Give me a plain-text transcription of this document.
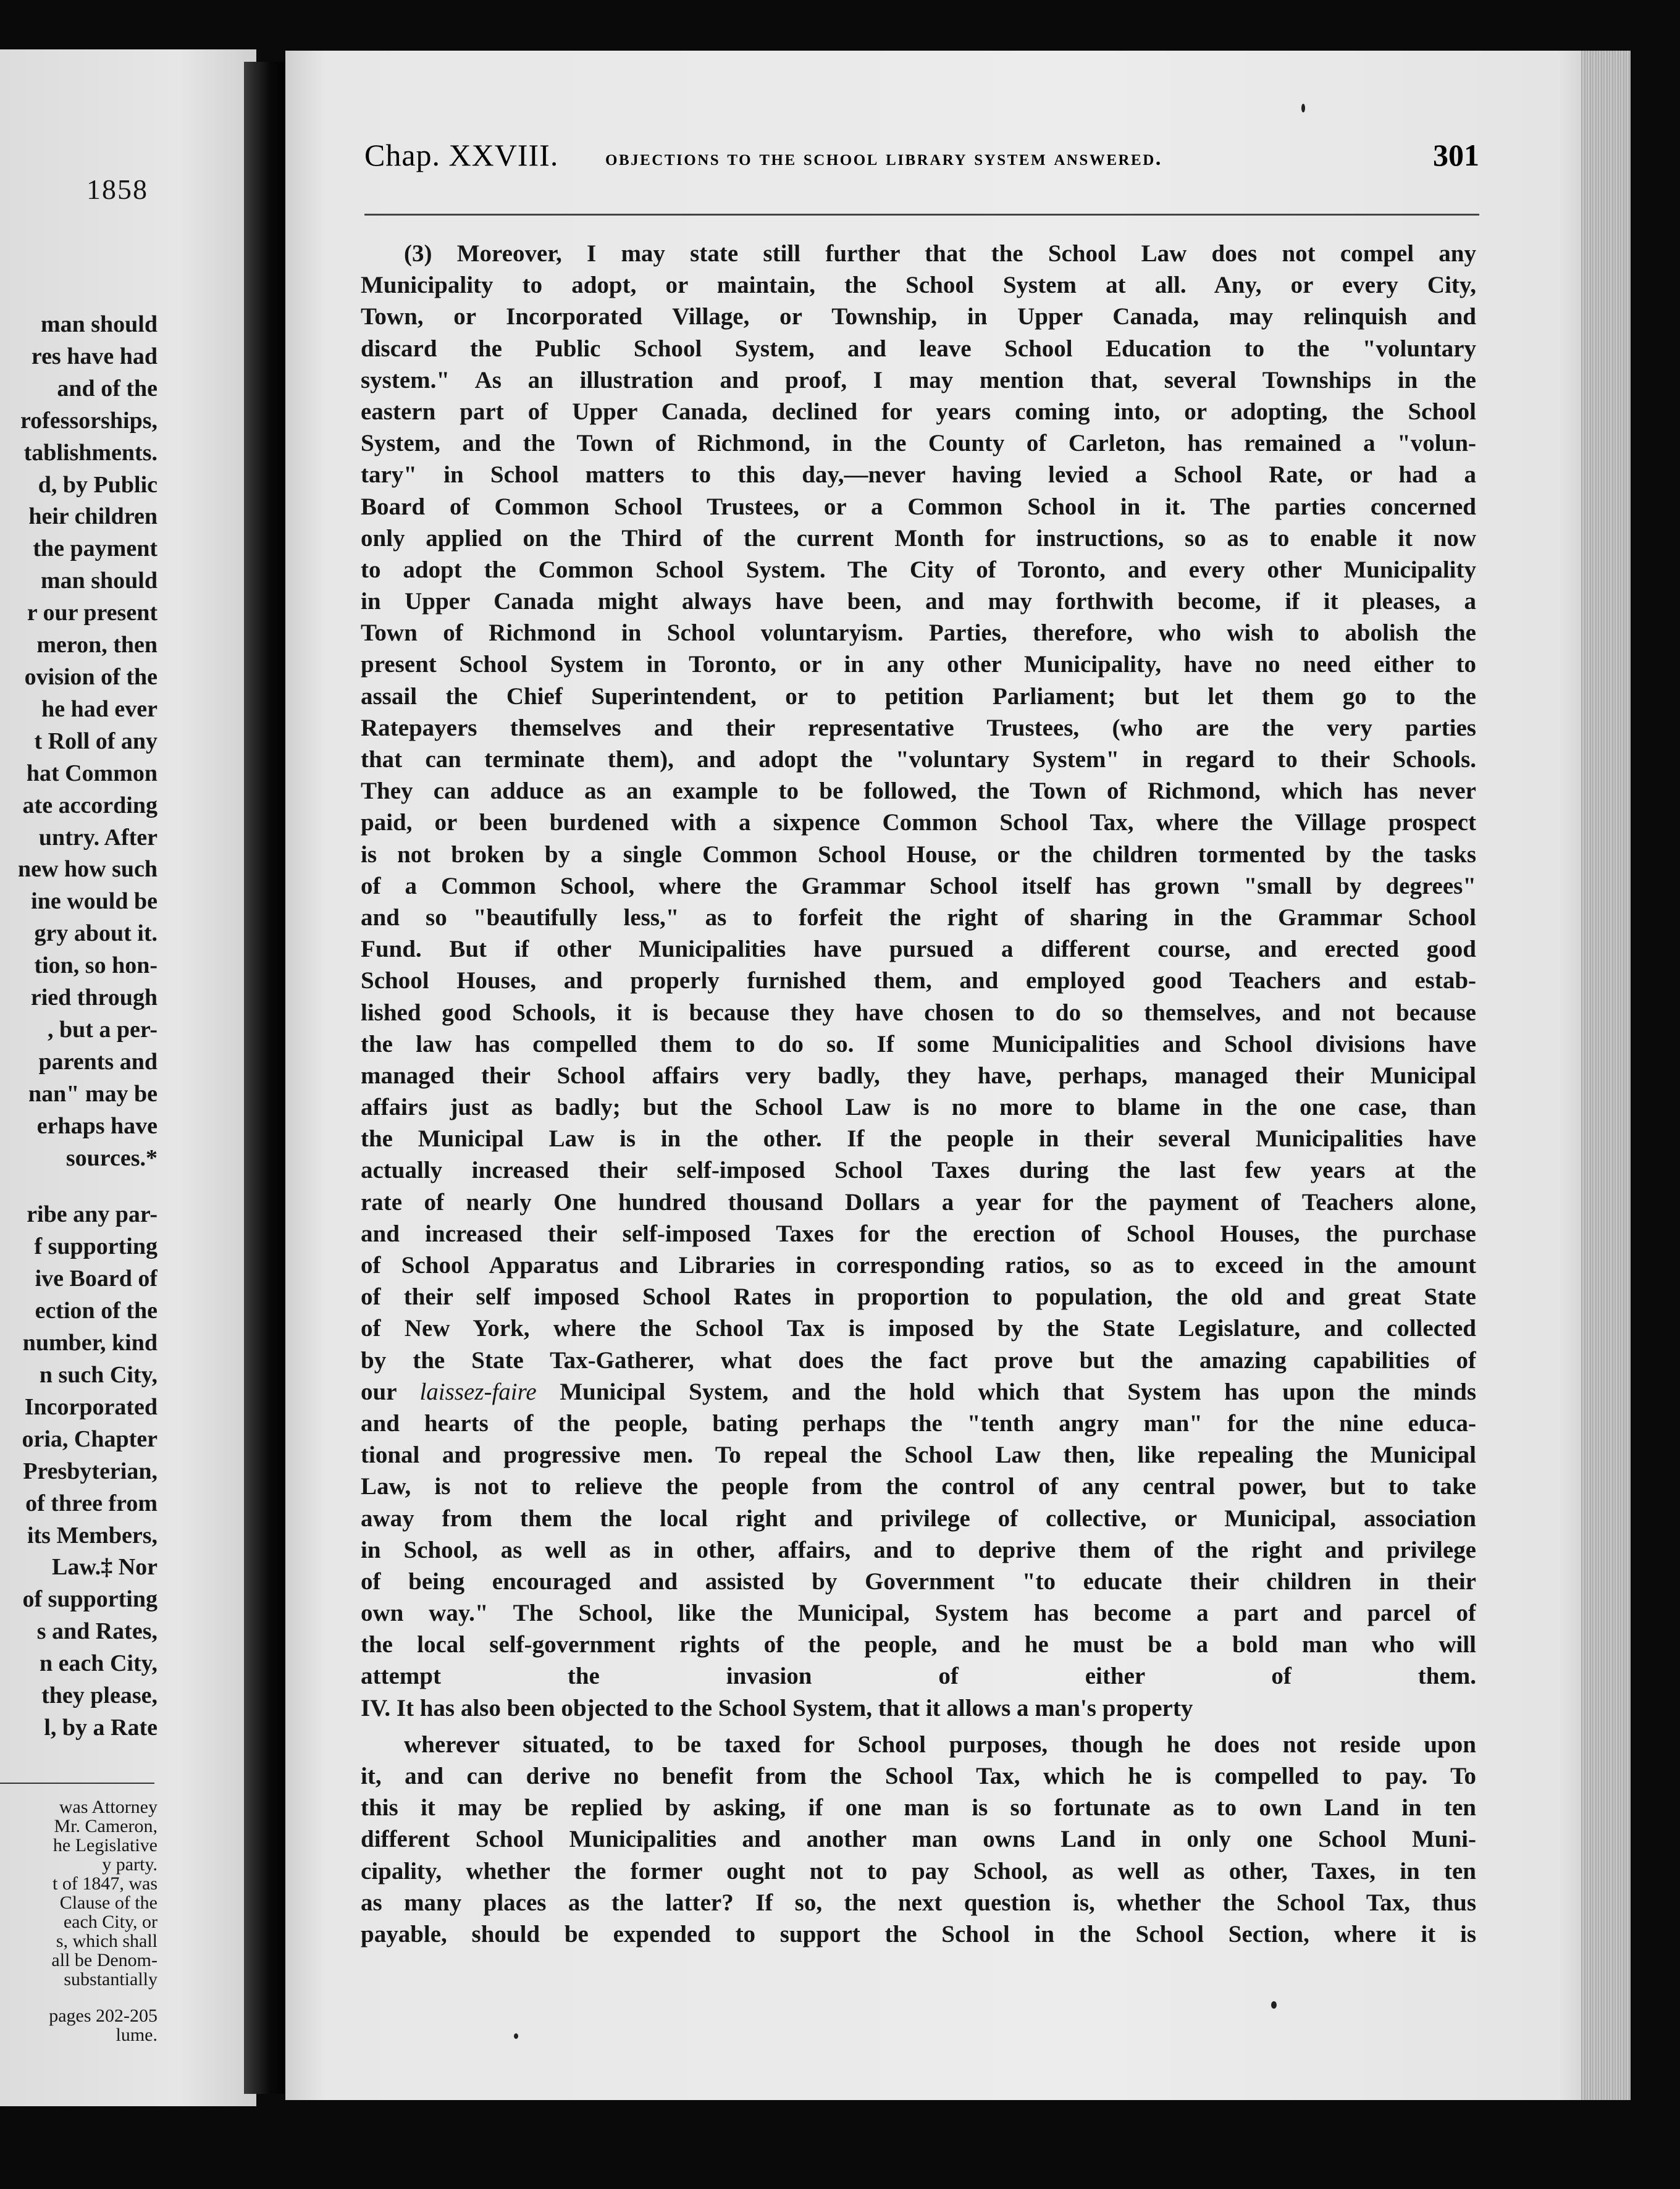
1858
man should
res have had
and of the
rofessorships,
tablishments.
d, by Public
heir children
the payment
man should
r our present
meron, then
ovision of the
he had ever
t Roll of any
hat Common
ate according
untry. After
new how such
ine would be
gry about it.
tion, so hon-
ried through
, but a per-
parents and
nan" may be
erhaps have
sources.*
ribe any par-
f supporting
ive Board of
ection of the
number, kind
n such City,
Incorporated
oria, Chapter
Presbyterian,
of three from
its Members,
Law.‡ Nor
of supporting
s and Rates,
n each City,
they please,
l, by a Rate
was Attorney
Mr. Cameron,
he Legislative
y party.
t of 1847, was
Clause of the
each City, or
s, which shall
all be Denom-
substantially
pages 202-205
lume.
Chap. XXVIII. objections to the school library system answered.	301
(3) Moreover, I may state still further that the School Law does not compel any
Municipality to adopt, or maintain, the School System at all. Any, or every City,
Town, or Incorporated Village, or Township, in Upper Canada, may relinquish and
discard the Public School System, and leave School Education to the "voluntary
system." As an illustration and proof, I may mention that, several Townships in the
eastern part of Upper Canada, declined for years coming into, or adopting, the School
System, and the Town of Richmond, in the County of Carleton, has remained a "volun-
tary" in School matters to this day,—never having levied a School Rate, or had a
Board of Common School Trustees, or a Common School in it. The parties concerned
only applied on the Third of the current Month for instructions, so as to enable it now
to adopt the Common School System. The City of Toronto, and every other Municipality
in Upper Canada might always have been, and may forthwith become, if it pleases, a
Town of Richmond in School voluntaryism. Parties, therefore, who wish to abolish the
present School System in Toronto, or in any other Municipality, have no need either to
assail the Chief Superintendent, or to petition Parliament; but let them go to the
Ratepayers themselves and their representative Trustees, (who are the very parties
that can terminate them), and adopt the "voluntary System" in regard to their Schools.
They can adduce as an example to be followed, the Town of Richmond, which has never
paid, or been burdened with a sixpence Common School Tax, where the Village prospect
is not broken by a single Common School House, or the children tormented by the tasks
of a Common School, where the Grammar School itself has grown "small by degrees"
and so "beautifully less," as to forfeit the right of sharing in the Grammar School
Fund. But if other Municipalities have pursued a different course, and erected good
School Houses, and properly furnished them, and employed good Teachers and estab-
lished good Schools, it is because they have chosen to do so themselves, and not because
the law has compelled them to do so. If some Municipalities and School divisions have
managed their School affairs very badly, they have, perhaps, managed their Municipal
affairs just as badly; but the School Law is no more to blame in the one case, than
the Municipal Law is in the other. If the people in their several Municipalities have
actually increased their self-imposed School Taxes during the last few years at the
rate of nearly One hundred thousand Dollars a year for the payment of Teachers alone,
and increased their self-imposed Taxes for the erection of School Houses, the purchase
of School Apparatus and Libraries in corresponding ratios, so as to exceed in the amount
of their self imposed School Rates in proportion to population, the old and great State
of New York, where the School Tax is imposed by the State Legislature, and collected
by the State Tax-Gatherer, what does the fact prove but the amazing capabilities of
our laissez-faire Municipal System, and the hold which that System has upon the minds
and hearts of the people, bating perhaps the "tenth angry man" for the nine educa-
tional and progressive men. To repeal the School Law then, like repealing the Municipal
Law, is not to relieve the people from the control of any central power, but to take
away from them the local right and privilege of collective, or Municipal, association
in School, as well as in other, affairs, and to deprive them of the right and privilege
of being encouraged and assisted by Government "to educate their children in their
own way." The School, like the Municipal, System has become a part and parcel of
the local self-government rights of the people, and he must be a bold man who will
attempt the invasion of either of them.
IV. It has also been objected to the School System, that it allows a man's property
wherever situated, to be taxed for School purposes, though he does not reside upon
it, and can derive no benefit from the School Tax, which he is compelled to pay. To
this it may be replied by asking, if one man is so fortunate as to own Land in ten
different School Municipalities and another man owns Land in only one School Muni-
cipality, whether the former ought not to pay School, as well as other, Taxes, in ten
as many places as the latter? If so, the next question is, whether the School Tax, thus
payable, should be expended to support the School in the School Section, where it is
